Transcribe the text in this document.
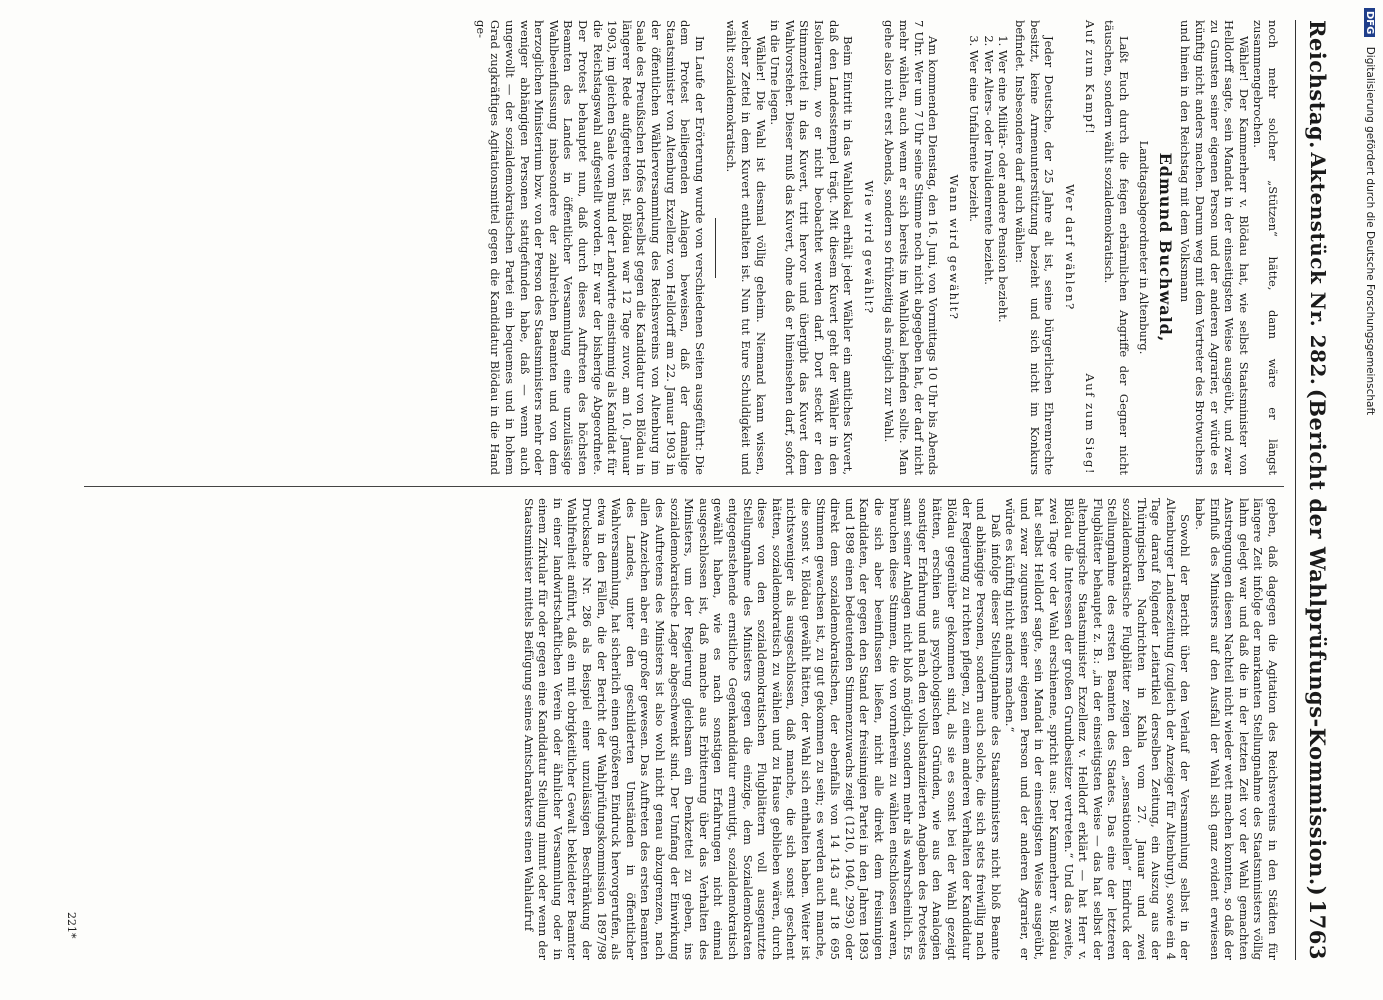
Reichstag.
Aktenstück Nr. 282.
(Bericht der Wahlprüfungs-Kommission.)
1763

noch mehr solcher „Stützen“ hätte, dann wäre er längst zusammengebrochen.

Wähler! Der Kammerherr v. Blödau hat, wie selbst Staatsminister von Helldorff sagte, sein Mandat in der einseitigsten Weise ausgeübt, und zwar zu Gunsten seiner eigenen Person und der anderen Agrarier, er würde es künftig nicht anders machen. Darum weg mit dem Vertreter des Brotwuchers und hinein in den Reichstag mit dem Volksmann

Edmund Buchwald,

Landtagsabgeordneter in Altenburg.

Laßt Euch durch die feigen erbärmlichen Angriffe der Gegner nicht täuschen, sondern wählt sozialdemokratisch.

Auf zum Kampf!
Auf zum Sieg!

Wer darf wählen?

Jeder Deutsche, der 25 Jahre alt ist, seine bürgerlichen Ehrenrechte besitzt, keine Armenunterstützung bezieht und sich nicht im Konkurs befindet. Insbesondere darf auch wählen:

1. Wer eine Militär- oder andere Pension bezieht.
2. Wer Alters- oder Invalidenrente bezieht.
3. Wer eine Unfallrente bezieht.

Wann wird gewählt?

Am kommenden Dienstag, den 16. Juni, von Vormittags 10 Uhr bis Abends 7 Uhr. Wer um 7 Uhr seine Stimme noch nicht abgegeben hat, der darf nicht mehr wählen, auch wenn er sich bereits im Wahllokal befinden sollte. Man gehe also nicht erst Abends, sondern so frühzeitig als möglich zur Wahl.

Wie wird gewählt?

Beim Eintritt in das Wahllokal erhält jeder Wähler ein amtliches Kuvert, daß den Landesstempel trägt. Mit diesem Kuvert geht der Wähler in den Isolierraum, wo er nicht beobachtet werden darf. Dort steckt er den Stimmzettel in das Kuvert, tritt hervor und übergibt das Kuvert dem Wahlvorsteher. Dieser muß das Kuvert, ohne daß er hineinsehen darf, sofort in die Urne legen.

Wähler! Die Wahl ist diesmal völlig geheim. Niemand kann wissen, welcher Zettel in dem Kuvert enthalten ist. Nun tut Eure Schuldigkeit und wählt sozialdemokratisch.

Im Laufe der Erörterung wurde von verschiedenen Seiten ausgeführt: Die dem Protest beiliegenden Anlagen beweisen, daß der damalige Staatsminister von Altenburg Exzellenz von Helldorff am 22. Januar 1903 in der öffentlichen Wählerversammlung des Reichsvereins von Altenburg im Saale des Preußischen Hofes dortselbst gegen die Kandidatur von Blödau in längerer Rede aufgetreten ist. Blödau war 12 Tage zuvor, am 10. Januar 1903, im gleichen Saale vom Bund der Landwirte einstimmig als Kandidat für die Reichstagswahl aufgestellt worden. Er war der bisherige Abgeordnete. Der Protest behauptet nun, daß durch dieses Auftreten des höchsten Beamten des Landes in öffentlicher Versammlung eine unzulässige Wahlbeeinflussung insbesondere der zahlreichen Beamten und von dem herzoglichen Ministerium bzw. von der Person des Staatsministers mehr oder weniger abhängigen Personen stattgefunden habe, daß — wenn auch ungewollt — der sozialdemokratischen Partei ein bequemes und in hohem Grad zugkräftiges Agitationsmittel gegen die Kandidatur Blödau in die Hand ge-

geben, daß dagegen die Agitation des Reichsvereins in den Städten für längere Zeit infolge der markanten Stellungnahme des Staatsministers völlig lahm gelegt war und daß die in der letzten Zeit vor der Wahl gemachten Anstrengungen diesen Nachteil nicht wieder wett machen konnten, so daß der Einfluß des Ministers auf den Ausfall der Wahl sich ganz evident erwiesen habe.

Sowohl der Bericht über den Verlauf der Versammlung selbst in der Altenburger Landeszeitung (zugleich der Anzeiger für Altenburg), sowie ein 4 Tage darauf folgender Leitartikel derselben Zeitung, ein Auszug aus der Thüringischen Nachrichten in Kahla vom 27. Januar und zwei sozialdemokratische Flugblätter zeigen den „sensationellen“ Eindruck der Stellungnahme des ersten Beamten des Staates. Das eine der letzteren Flugblätter behauptet z. B.: „in der einseitigsten Weise — das hat selbst der altenburgische Staatsminister Exzellenz v. Helldorf erklärt — hat Herr v. Blödau die Interessen der großen Grundbesitzer vertreten.“ Und das zweite, zwei Tage vor der Wahl erschienene, spricht aus: Der Kammerherr v. Blödau hat selbst Helldorf sagte, sein Mandat in der einseitigsten Weise ausgeübt, und zwar zugunsten seiner eigenen Person und der anderen Agrarier, er würde es künftig nicht anders machen.“

Daß infolge dieser Stellungnahme des Staatsministers nicht bloß Beamte und abhängige Personen, sondern auch solche, die sich stets freiwillig nach der Regierung zu richten pflegen, zu einem anderen Verhalten der Kandidatur Blödau gegenüber gekommen sind, als sie es sonst bei der Wahl gezeigt hätten, erschien aus psychologischen Gründen, wie aus den Analogien sonstiger Erfahrung und nach den vollsubstanziierten Angaben des Protestes samt seiner Anlagen nicht bloß möglich, sondern mehr als wahrscheinlich. Es brauchen diese Stimmen, die von vornherein zu wählen entschlossen waren, die sich aber beeinflussen ließen, nicht alle direkt dem freisinnigen Kandidaten, der gegen den Stand der freisinnigen Partei in den Jahren 1893 und 1898 einen bedeutenden Stimmenzuwachs zeigt (1210, 1040, 2993) oder direkt dem sozialdemokratischen, der ebenfalls von 14 143 auf 18 695 Stimmen gewachsen ist, zu gut gekommen zu sein; es werden auch manche, die sonst v. Blödau gewählt hätten, der Wahl sich enthalten haben. Weiter ist nichtsweniger als ausgeschlossen, daß manche, die sich sonst geschent hätten, sozialdemokratisch zu wählen und zu Hause geblieben wären, durch diese von den sozialdemokratischen Flugblättern voll ausgenutzte Stellungnahme des Ministers gegen die einzige, dem Sozialdemokraten entgegenstehende ernstliche Gegenkandidatur ermutigt, sozialdemokratisch gewählt haben, wie es nach sonstigen Erfahrungen nicht einmal ausgeschlossen ist, daß manche aus Erbitterung über das Verhalten des Ministers, um der Regierung gleichsam ein Denkzettel zu geben, ins sozialdemokratische Lager abgeschwenkt sind. Der Umfang der Einwirkung des Auftretens des Ministers ist also wohl nicht genau abzugrenzen, nach allen Anzeichen aber ein großer gewesen. Das Auftreten des ersten Beamten des Landes, unter den geschilderten Umständen in öffentlicher Wahlversammlung, hat sicherlich einen größeren Eindruck hervorgerufen, als etwa in den Fällen, die der Bericht der Wahlprüfungskommission 1897/98 Drucksache Nr. 286 als Beispiel einer unzulässigen Beschränkung der Wahlfreiheit anführt, daß ein mit obrigkeitlicher Gewalt bekleideter Beamter in einer landwirtschaftlichen Verein oder ähnlicher Versammlung oder in einem Zirkular für oder gegen eine Kandidatur Stellung nimmt oder wenn der Staatsminister mittels Beifügung seines Amtscharakters einen Wahlaufruf

221*
DFG Digitalisierung gefördert durch die Deutsche Forschungsgemeinschaft
